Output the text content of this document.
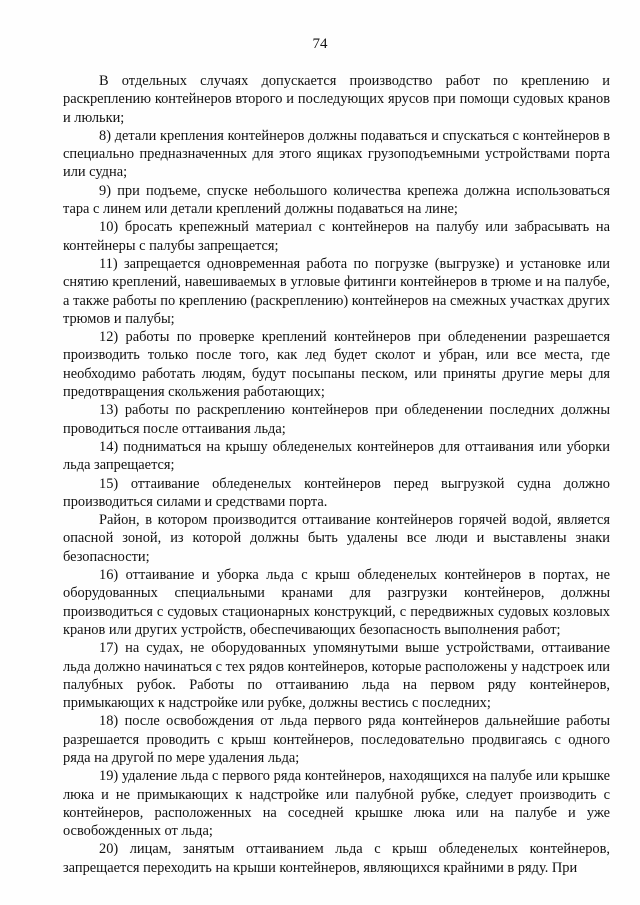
74

В отдельных случаях допускается производство работ по креплению и раскреплению контейнеров второго и последующих ярусов при помощи судовых кранов и люльки;

8) детали крепления контейнеров должны подаваться и спускаться с контейнеров в специально предназначенных для этого ящиках грузоподъемными устройствами порта или судна;

9) при подъеме, спуске небольшого количества крепежа должна использоваться тара с линем или детали креплений должны подаваться на лине;

10) бросать крепежный материал с контейнеров на палубу или забрасывать на контейнеры с палубы запрещается;

11) запрещается одновременная работа по погрузке (выгрузке) и установке или снятию креплений, навешиваемых в угловые фитинги контейнеров в трюме и на палубе, а также работы по креплению (раскреплению) контейнеров на смежных участках других трюмов и палубы;

12) работы по проверке креплений контейнеров при обледенении разрешается производить только после того, как лед будет сколот и убран, или все места, где необходимо работать людям, будут посыпаны песком, или приняты другие меры для предотвращения скольжения работающих;

13) работы по раскреплению контейнеров при обледенении последних должны проводиться после оттаивания льда;

14) подниматься на крышу обледенелых контейнеров для оттаивания или уборки льда запрещается;

15) оттаивание обледенелых контейнеров перед выгрузкой судна должно производиться силами и средствами порта.

Район, в котором производится оттаивание контейнеров горячей водой, является опасной зоной, из которой должны быть удалены все люди и выставлены знаки безопасности;

16) оттаивание и уборка льда с крыш обледенелых контейнеров в портах, не оборудованных специальными кранами для разгрузки контейнеров, должны производиться с судовых стационарных конструкций, с передвижных судовых козловых кранов или других устройств, обеспечивающих безопасность выполнения работ;

17) на судах, не оборудованных упомянутыми выше устройствами, оттаивание льда должно начинаться с тех рядов контейнеров, которые расположены у надстроек или палубных рубок. Работы по оттаиванию льда на первом ряду контейнеров, примыкающих к надстройке или рубке, должны вестись с последних;

18) после освобождения от льда первого ряда контейнеров дальнейшие работы разрешается проводить с крыш контейнеров, последовательно продвигаясь с одного ряда на другой по мере удаления льда;

19) удаление льда с первого ряда контейнеров, находящихся на палубе или крышке люка и не примыкающих к надстройке или палубной рубке, следует производить с контейнеров, расположенных на соседней крышке люка или на палубе и уже освобожденных от льда;

20) лицам, занятым оттаиванием льда с крыш обледенелых контейнеров, запрещается переходить на крыши контейнеров, являющихся крайними в ряду. При
